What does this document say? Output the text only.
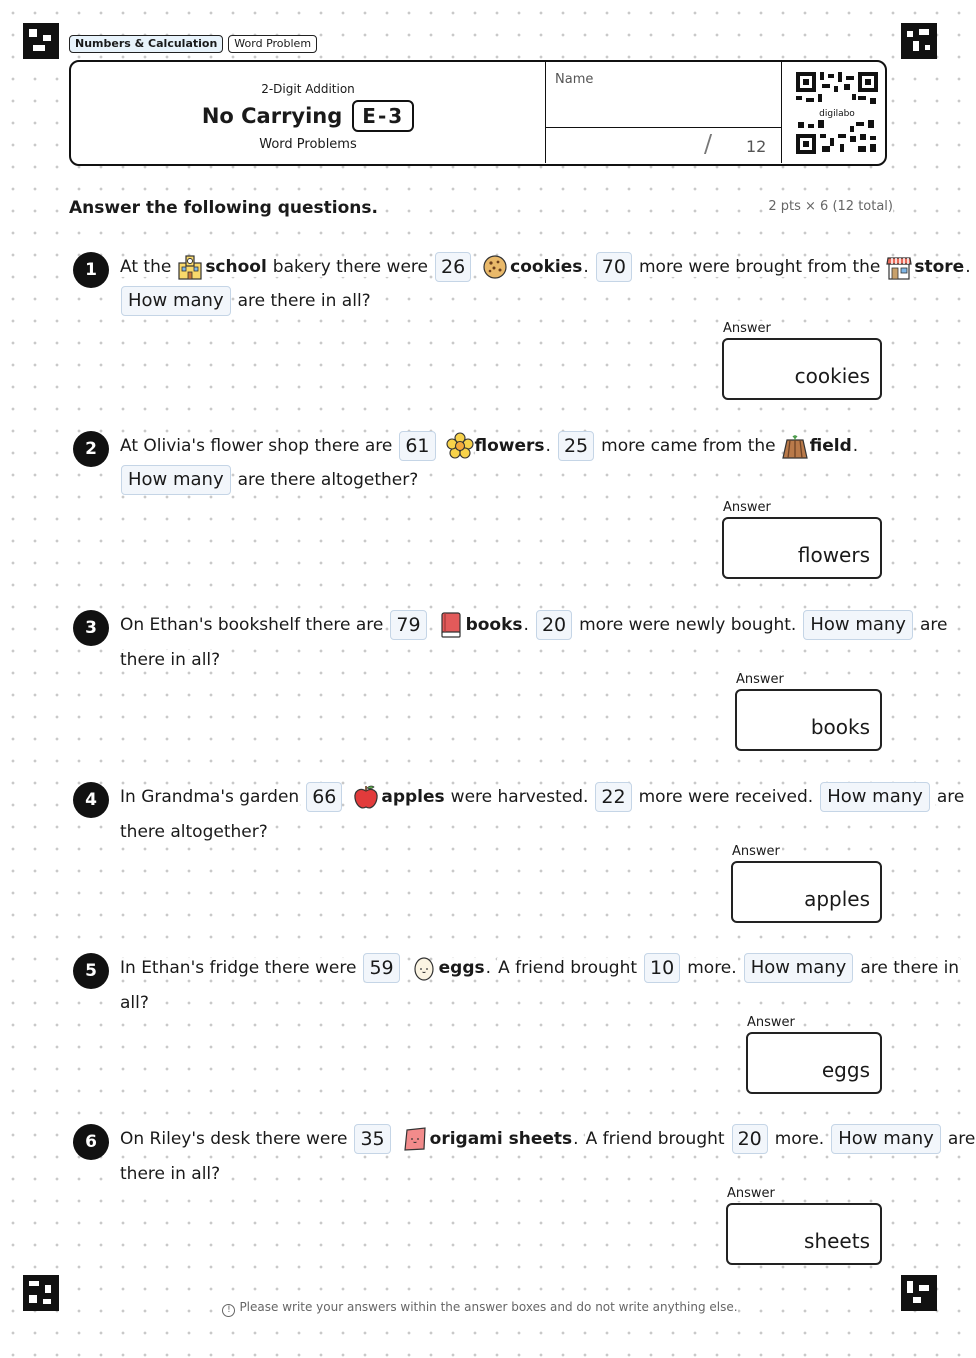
Numbers & Calculation	Word Problem
2-Digit Addition
No Carrying	E-3
Word Problems
Name
/ 12
digilabo
Answer the following questions.	2 pts × 6 (12 total)
1	At the school bakery there were 26	cookies . 70 more were brought from the store .
How many are there in all?
Answer
cookies
2	At Olivia's flower shop there are 61	flowers . 25 more came from the field .
How many are there altogether?
Answer
flowers
3	On Ethan's bookshelf there are 79	books . 20 more were newly bought. How many are
there in all?
Answer
books
4	In Grandma's garden 66	apples were harvested. 22 more were received. How many are
there altogether?
Answer
apples
5	In Ethan's fridge there were 59	eggs . A friend brought 10 more. How many are there in
all?
Answer
eggs
6	On Riley's desk there were 35	origami sheets . A friend brought 20 more. How many are
there in all?
Answer
sheets
! Please write your answers within the answer boxes and do not write anything else.
